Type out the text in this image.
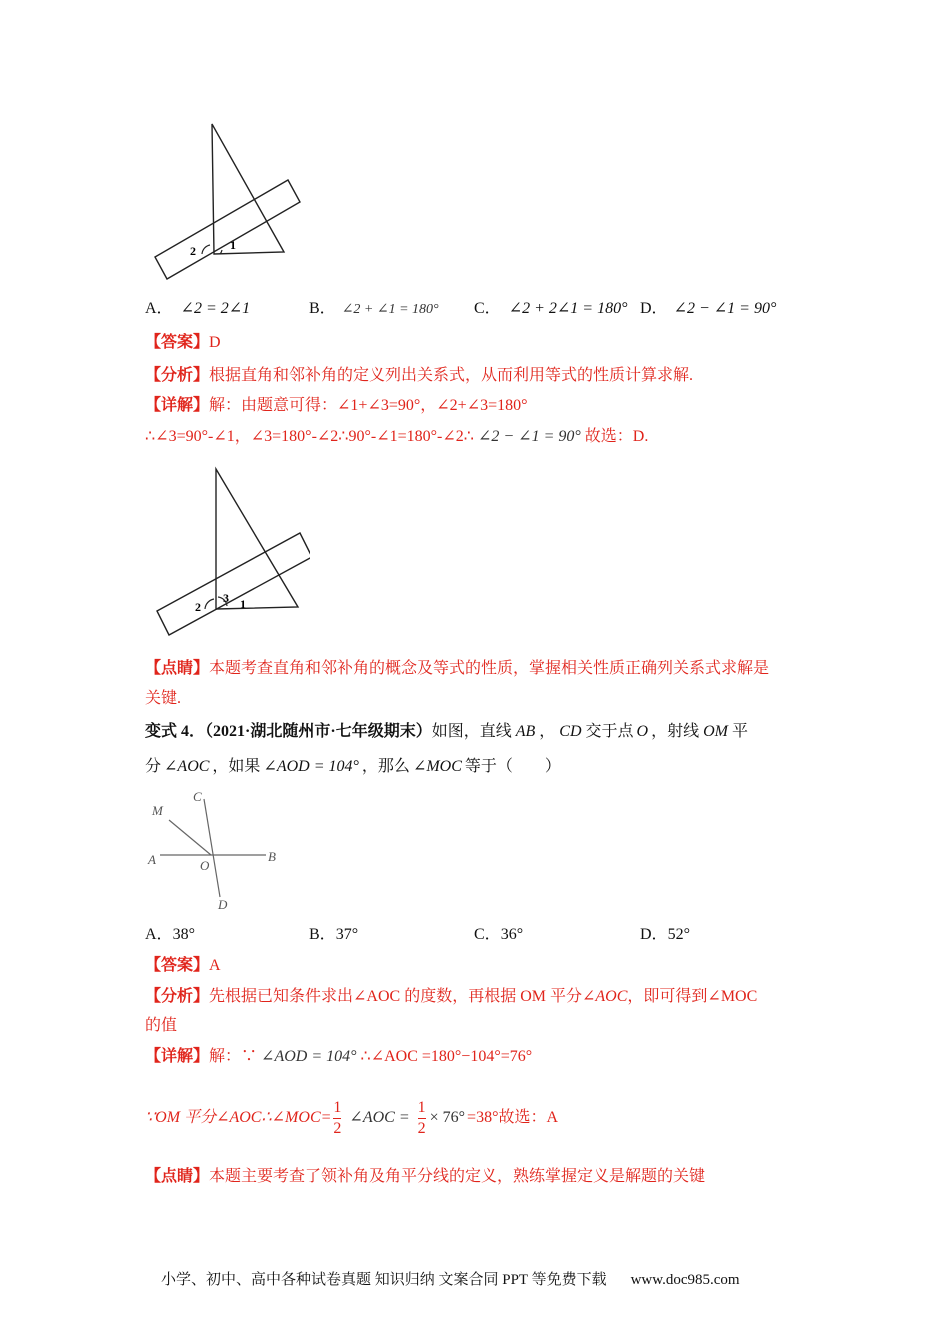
2	1
A． ∠2 = 2∠1	B． ∠2 + ∠1 = 180° C． ∠2 + 2∠1 = 180° D． ∠2 − ∠1 = 90°
【答案】D
【分析】根据直角和邻补角的定义列出关系式，从而利用等式的性质计算求解.
【详解】解：由题意可得：∠1+∠3=90°，∠2+∠3=180°
∴∠3=90°-∠1，∠3=180°-∠2∴90°-∠1=180°-∠2∴ ∠2 − ∠1 = 90° 故选：D.
2
3 1
【点睛】本题考查直角和邻补角的概念及等式的性质，掌握相关性质正确列关系式求解是
关键.
变式 4．（2021·湖北随州市·七年级期末）如图，直线 AB ， CD 交于点 O ，射线 OM 平
分 ∠AOC ，如果 ∠AOD = 104° ，那么 ∠MOC 等于（　　）
M
C
A	O
B
D
A．38°	B．37°	C．36°	D．52°
【答案】A
【分析】先根据已知条件求出∠AOC 的度数，再根据 OM 平分∠AOC，即可得到∠MOC
的值
【详解】解：∵ ∠AOD = 104° ∴∠AOC =180°−104°=76°
∵OM 平分∠AOC∴∠MOC= $\frac{1}{2}$ ∠AOC = $\frac{1}{2} \times 76^\circ =38^\circ$故选：A
【点睛】本题主要考查了领补角及角平分线的定义，熟练掌握定义是解题的关键
小学、初中、高中各种试卷真题 知识归纳 文案合同 PPT 等免费下载 www.doc985.com
